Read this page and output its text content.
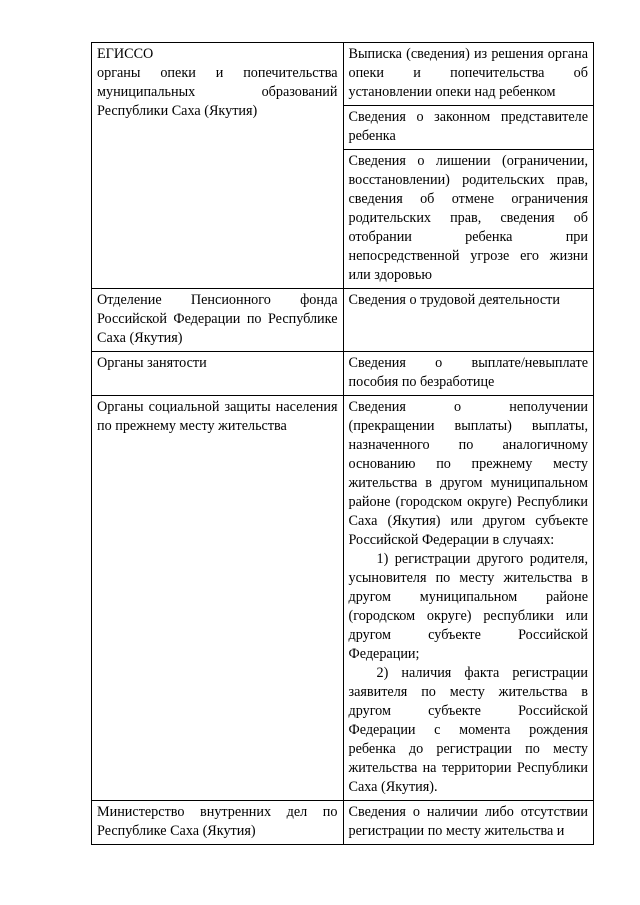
ЕГИССО
органы опеки и попечительства муниципальных образований Республики Саха (Якутия)	Выписка (сведения) из решения органа опеки и попечительства об установлении опеки над ребенком
	Сведения о законном представителе ребенка
	Сведения о лишении (ограничении, восстановлении) родительских прав, сведения об отмене ограничения родительских прав, сведения об отобрании ребенка при непосредственной угрозе его жизни или здоровью
Отделение Пенсионного фонда Российской Федерации по Республике Саха (Якутия)	Сведения о трудовой деятельности
Органы занятости	Сведения о выплате/невыплате пособия по безработице
Органы социальной защиты населения по прежнему месту жительства	Сведения о неполучении (прекращении выплаты) выплаты, назначенного по аналогичному основанию по прежнему месту жительства в другом муниципальном районе (городском округе) Республики Саха (Якутия) или другом субъекте Российской Федерации в случаях:
1) регистрации другого родителя, усыновителя по месту жительства в другом муниципальном районе (городском округе) республики или другом субъекте Российской Федерации;
2) наличия факта регистрации заявителя по месту жительства в другом субъекте Российской Федерации с момента рождения ребенка до регистрации по месту жительства на территории Республики Саха (Якутия).

Министерство внутренних дел по Республике Саха (Якутия)	Сведения о наличии либо отсутствии регистрации по месту жительства и
